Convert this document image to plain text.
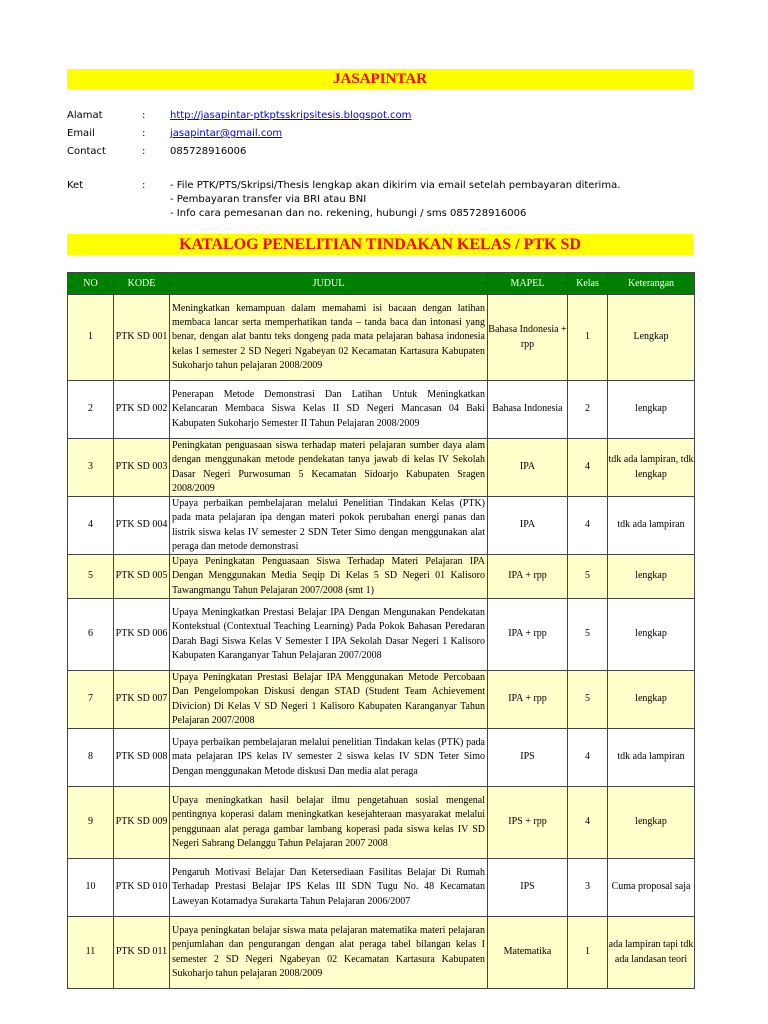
JASAPINTAR
Alamat	:	http://jasapintar-ptkptsskripsitesis.blogspot.com
Email	:	jasapintar@gmail.com
Contact	:	085728916006
Ket	:	- File PTK/PTS/Skripsi/Thesis lengkap akan dikirim via email setelah pembayaran diterima.
- Pembayaran transfer via BRI atau BNI
- Info cara pemesanan dan no. rekening, hubungi / sms 085728916006
KATALOG PENELITIAN TINDAKAN KELAS / PTK SD
NO	KODE	JUDUL	MAPEL	Kelas	Keterangan
1	PTK SD 001	Meningkatkan kemampuan dalam memahami isi bacaan dengan latihan membaca lancar serta memperhatikan tanda – tanda baca dan intonasi yang benar, dengan alat bantu teks dongeng pada mata pelajaran bahasa indonesia kelas I semester 2 SD Negeri Ngabeyan 02 Kecamatan Kartasura Kabupaten Sukoharjo tahun pelajaran 2008/2009	Bahasa Indonesia + rpp	1	Lengkap
2	PTK SD 002	Penerapan Metode Demonstrasi Dan Latihan Untuk Meningkatkan Kelancaran Membaca Siswa Kelas II SD Negeri Mancasan 04 Baki Kabupaten Sukoharjo Semester II Tahun Pelajaran 2008/2009	Bahasa Indonesia	2	lengkap
3	PTK SD 003	Peningkatan penguasaan siswa terhadap materi pelajaran sumber daya alam dengan menggunakan metode pendekatan tanya jawab di kelas IV Sekolah Dasar Negeri Purwosuman 5 Kecamatan Sidoarjo Kabupaten Sragen 2008/2009	IPA	4	tdk ada lampiran, tdk lengkap
4	PTK SD 004	Upaya perbaikan pembelajaran melalui Penelitian Tindakan Kelas (PTK) pada mata pelajaran ipa dengan materi pokok perubahan energi panas dan listrik siswa kelas IV semester 2 SDN Teter Simo dengan menggunakan alat peraga dan metode demonstrasi	IPA	4	tdk ada lampiran
5	PTK SD 005	Upaya Peningkatan Penguasaan Siswa Terhadap Materi Pelajaran IPA Dengan Menggunakan Media Seqip Di Kelas 5 SD Negeri 01 Kalisoro Tawangmangu Tahun Pelajaran 2007/2008 (smt 1)	IPA + rpp	5	lengkap
6	PTK SD 006	Upaya Meningkatkan Prestasi Belajar IPA Dengan Mengunakan Pendekatan Kontekstual (Contextual Teaching Learning) Pada Pokok Bahasan Peredaran Darah Bagi Siswa Kelas V Semester I IPA Sekolah Dasar Negeri 1 Kalisoro Kabupaten Karanganyar Tahun Pelajaran 2007/2008	IPA + rpp	5	lengkap
7	PTK SD 007	Upaya Peningkatan Prestasi Belajar IPA Menggunakan Metode Percobaan Dan Pengelompokan Diskusi dengan STAD (Student Team Achievement Divicion) Di Kelas V SD Negeri 1 Kalisoro Kabupaten Karanganyar Tahun Pelajaran 2007/2008	IPA + rpp	5	lengkap
8	PTK SD 008	Upaya perbaikan pembelajaran melalui penelitian Tindakan kelas (PTK) pada mata pelajaran IPS kelas IV semester 2 siswa kelas IV SDN Teter Simo Dengan menggunakan Metode diskusi Dan media alat peraga	IPS	4	tdk ada lampiran
9	PTK SD 009	Upaya meningkatkan hasil belajar ilmu pengetahuan sosial mengenal pentingnya koperasi dalam meningkatkan kesejahteraan masyarakat melalui penggunaan alat peraga gambar lambang koperasi pada siswa kelas IV SD Negeri Sabrang Delanggu Tahun Pelajaran 2007 2008	IPS + rpp	4	lengkap
10	PTK SD 010	Pengaruh Motivasi Belajar Dan Ketersediaan Fasilitas Belajar Di Rumah Terhadap Prestasi Belajar IPS Kelas III SDN Tugu No. 48 Kecamatan Laweyan Kotamadya Surakarta Tahun Pelajaran 2006/2007	IPS	3	Cuma proposal saja
11	PTK SD 011	Upaya peningkatan belajar siswa mata pelajaran matematika materi pelajaran penjumlahan dan pengurangan dengan alat peraga tabel bilangan kelas I semester 2 SD Negeri Ngabeyan 02 Kecamatan Kartasura Kabupaten Sukoharjo tahun pelajaran 2008/2009	Matematika	1	ada lampiran tapi tdk ada landasan teori
